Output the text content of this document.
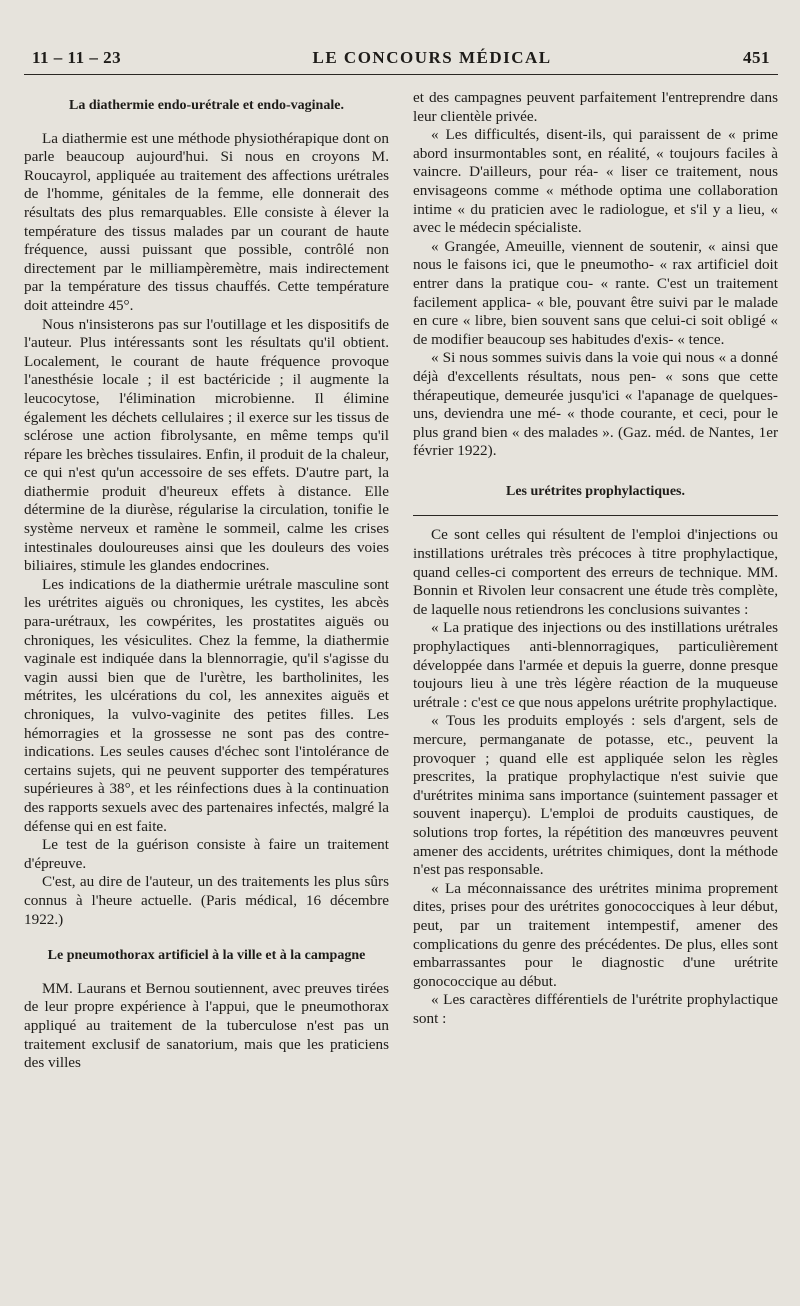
11 – 11 – 23	LE CONCOURS MÉDICAL	451
La diathermie endo-urétrale et endo-vaginale.

La diathermie est une méthode physiothérapique dont on parle beaucoup aujourd'hui. Si nous en croyons M. Roucayrol, appliquée au traitement des affections urétrales de l'homme, génitales de la femme, elle donnerait des résultats des plus remarquables. Elle consiste à élever la température des tissus malades par un courant de haute fréquence, aussi puissant que possible, contrôlé non directement par le milliampèremètre, mais indirectement par la température des tissus chauffés. Cette température doit atteindre 45°.

Nous n'insisterons pas sur l'outillage et les dispositifs de l'auteur. Plus intéressants sont les résultats qu'il obtient. Localement, le courant de haute fréquence provoque l'anesthésie locale ; il est bactéricide ; il augmente la leucocytose, l'élimination microbienne. Il élimine également les déchets cellulaires ; il exerce sur les tissus de sclérose une action fibrolysante, en même temps qu'il répare les brèches tissulaires. Enfin, il produit de la chaleur, ce qui n'est qu'un accessoire de ses effets. D'autre part, la diathermie produit d'heureux effets à distance. Elle détermine de la diurèse, régularise la circulation, tonifie le système nerveux et ramène le sommeil, calme les crises intestinales douloureuses ainsi que les douleurs des voies biliaires, stimule les glandes endocrines.

Les indications de la diathermie urétrale masculine sont les urétrites aiguës ou chroniques, les cystites, les abcès para-urétraux, les cowpérites, les prostatites aiguës ou chroniques, les vésiculites. Chez la femme, la diathermie vaginale est indiquée dans la blennorragie, qu'il s'agisse du vagin aussi bien que de l'urètre, les bartholinites, les métrites, les ulcérations du col, les annexites aiguës et chroniques, la vulvo-vaginite des petites filles. Les hémorragies et la grossesse ne sont pas des contre-indications. Les seules causes d'échec sont l'intolérance de certains sujets, qui ne peuvent supporter des températures supérieures à 38°, et les réinfections dues à la continuation des rapports sexuels avec des partenaires infectés, malgré la défense qui en est faite.

Le test de la guérison consiste à faire un traitement d'épreuve.

C'est, au dire de l'auteur, un des traitements les plus sûrs connus à l'heure actuelle. (Paris médical, 16 décembre 1922.)

Le pneumothorax artificiel à la ville et à la campagne

MM. Laurans et Bernou soutiennent, avec preuves tirées de leur propre expérience à l'appui, que le pneumothorax appliqué au traitement de la tuberculose n'est pas un traitement exclusif de sanatorium, mais que les praticiens des villes

et des campagnes peuvent parfaitement l'entreprendre dans leur clientèle privée.

« Les difficultés, disent-ils, qui paraissent de « prime abord insurmontables sont, en réalité, « toujours faciles à vaincre. D'ailleurs, pour réa- « liser ce traitement, nous envisageons comme « méthode optima une collaboration intime « du praticien avec le radiologue, et s'il y a lieu, « avec le médecin spécialiste.

« Grangée, Ameuille, viennent de soutenir, « ainsi que nous le faisons ici, que le pneumotho- « rax artificiel doit entrer dans la pratique cou- « rante. C'est un traitement facilement applica- « ble, pouvant être suivi par le malade en cure « libre, bien souvent sans que celui-ci soit obligé « de modifier beaucoup ses habitudes d'exis- « tence.

« Si nous sommes suivis dans la voie qui nous « a donné déjà d'excellents résultats, nous pen- « sons que cette thérapeutique, demeurée jusqu'ici « l'apanage de quelques-uns, deviendra une mé- « thode courante, et ceci, pour le plus grand bien « des malades ». (Gaz. méd. de Nantes, 1er février 1922).

Les urétrites prophylactiques.

Ce sont celles qui résultent de l'emploi d'injections ou instillations urétrales très précoces à titre prophylactique, quand celles-ci comportent des erreurs de technique. MM. Bonnin et Rivolen leur consacrent une étude très complète, de laquelle nous retiendrons les conclusions suivantes :

« La pratique des injections ou des instillations urétrales prophylactiques anti-blennorragiques, particulièrement développée dans l'armée et depuis la guerre, donne presque toujours lieu à une très légère réaction de la muqueuse urétrale : c'est ce que nous appelons urétrite prophylactique.

« Tous les produits employés : sels d'argent, sels de mercure, permanganate de potasse, etc., peuvent la provoquer ; quand elle est appliquée selon les règles prescrites, la pratique prophylactique n'est suivie que d'urétrites minima sans importance (suintement passager et souvent inaperçu). L'emploi de produits caustiques, de solutions trop fortes, la répétition des manœuvres peuvent amener des accidents, urétrites chimiques, dont la méthode n'est pas responsable.

« La méconnaissance des urétrites minima proprement dites, prises pour des urétrites gonococciques à leur début, peut, par un traitement intempestif, amener des complications du genre des précédentes. De plus, elles sont embarrassantes pour le diagnostic d'une urétrite gonococcique au début.

« Les caractères différentiels de l'urétrite prophylactique sont :
